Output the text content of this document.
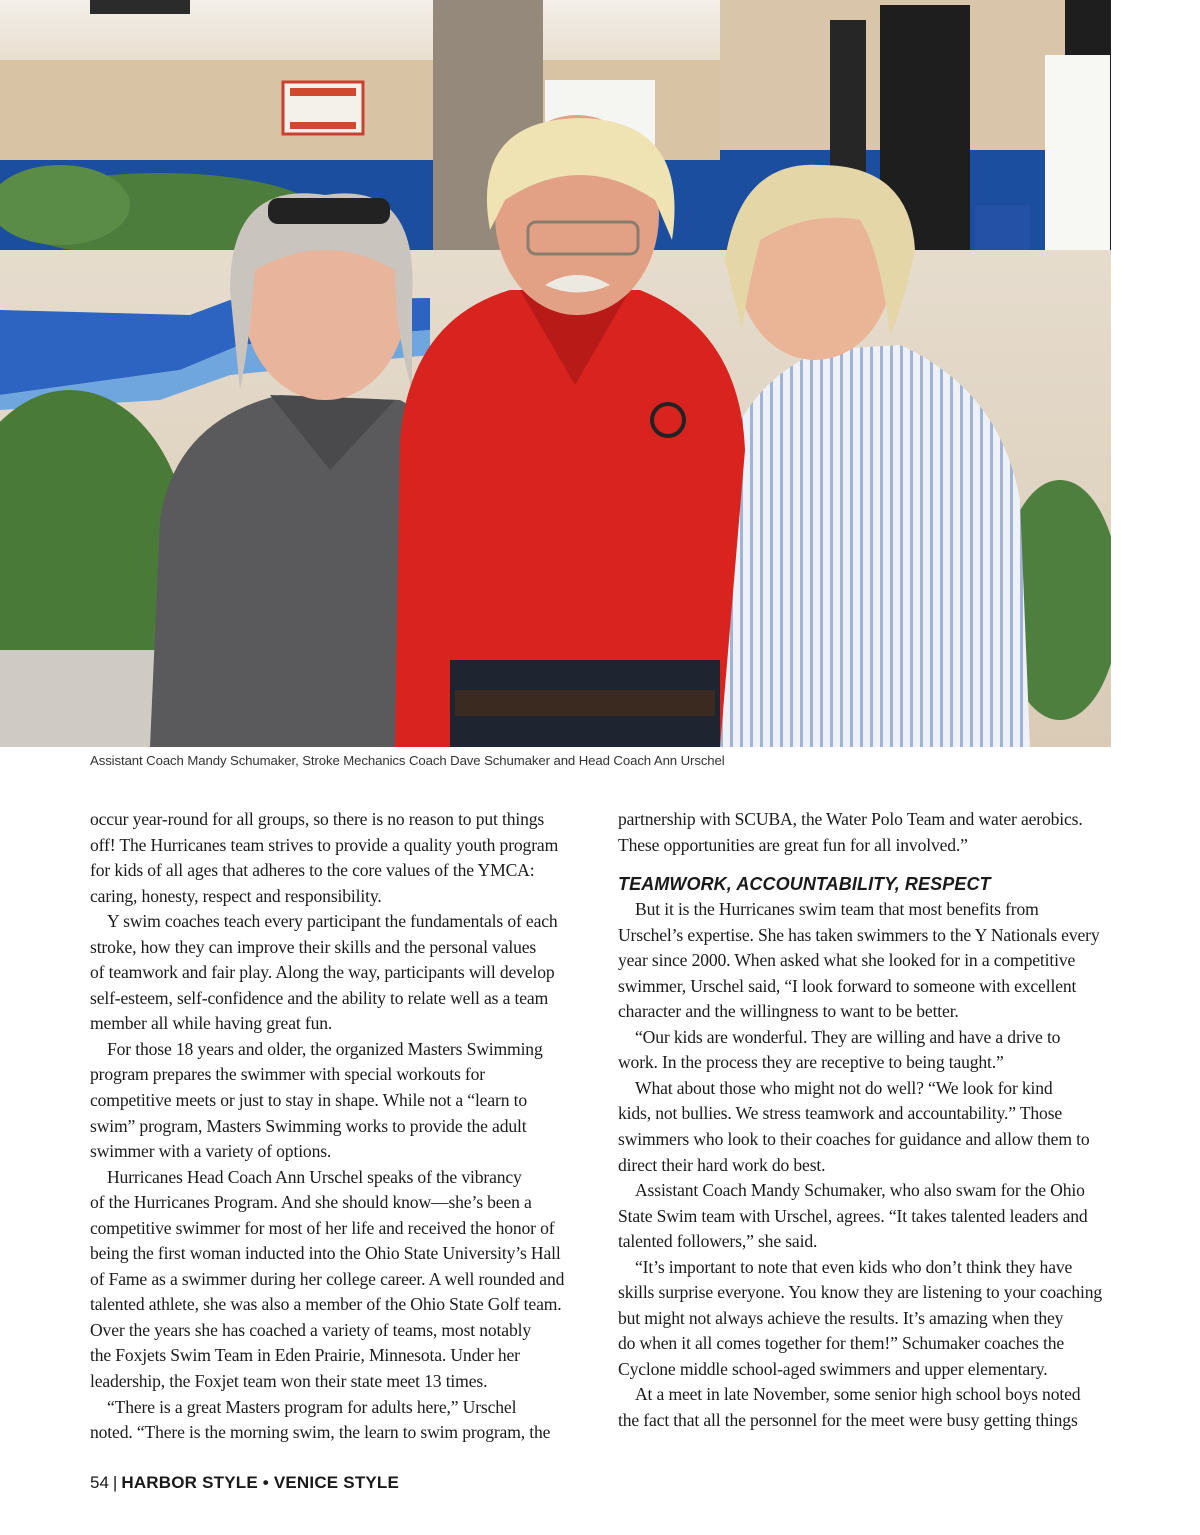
Assistant Coach Mandy Schumaker, Stroke Mechanics Coach Dave Schumaker and Head Coach Ann Urschel

occur year-round for all groups, so there is no reason to put things
off! The Hurricanes team strives to provide a quality youth program
for kids of all ages that adheres to the core values of the YMCA:
caring, honesty, respect and responsibility.

Y swim coaches teach every participant the fundamentals of each
stroke, how they can improve their skills and the personal values
of teamwork and fair play. Along the way, participants will develop
self-esteem, self-confidence and the ability to relate well as a team
member all while having great fun.

For those 18 years and older, the organized Masters Swimming
program prepares the swimmer with special workouts for
competitive meets or just to stay in shape. While not a “learn to
swim” program, Masters Swimming works to provide the adult
swimmer with a variety of options.

Hurricanes Head Coach Ann Urschel speaks of the vibrancy
of the Hurricanes Program. And she should know—she’s been a
competitive swimmer for most of her life and received the honor of
being the first woman inducted into the Ohio State University’s Hall
of Fame as a swimmer during her college career. A well rounded and
talented athlete, she was also a member of the Ohio State Golf team.
Over the years she has coached a variety of teams, most notably
the Foxjets Swim Team in Eden Prairie, Minnesota. Under her
leadership, the Foxjet team won their state meet 13 times.

“There is a great Masters program for adults here,” Urschel
noted. “There is the morning swim, the learn to swim program, the

partnership with SCUBA, the Water Polo Team and water aerobics.
These opportunities are great fun for all involved.”

TEAMWORK, ACCOUNTABILITY, RESPECT

But it is the Hurricanes swim team that most benefits from
Urschel’s expertise. She has taken swimmers to the Y Nationals every
year since 2000. When asked what she looked for in a competitive
swimmer, Urschel said, “I look forward to someone with excellent
character and the willingness to want to be better.

“Our kids are wonderful. They are willing and have a drive to
work. In the process they are receptive to being taught.”

What about those who might not do well? “We look for kind
kids, not bullies. We stress teamwork and accountability.” Those
swimmers who look to their coaches for guidance and allow them to
direct their hard work do best.

Assistant Coach Mandy Schumaker, who also swam for the Ohio
State Swim team with Urschel, agrees. “It takes talented leaders and
talented followers,” she said.

“It’s important to note that even kids who don’t think they have
skills surprise everyone. You know they are listening to your coaching
but might not always achieve the results. It’s amazing when they
do when it all comes together for them!” Schumaker coaches the
Cyclone middle school-aged swimmers and upper elementary.

At a meet in late November, some senior high school boys noted
the fact that all the personnel for the meet were busy getting things

54 | HARBOR STYLE • VENICE STYLE
